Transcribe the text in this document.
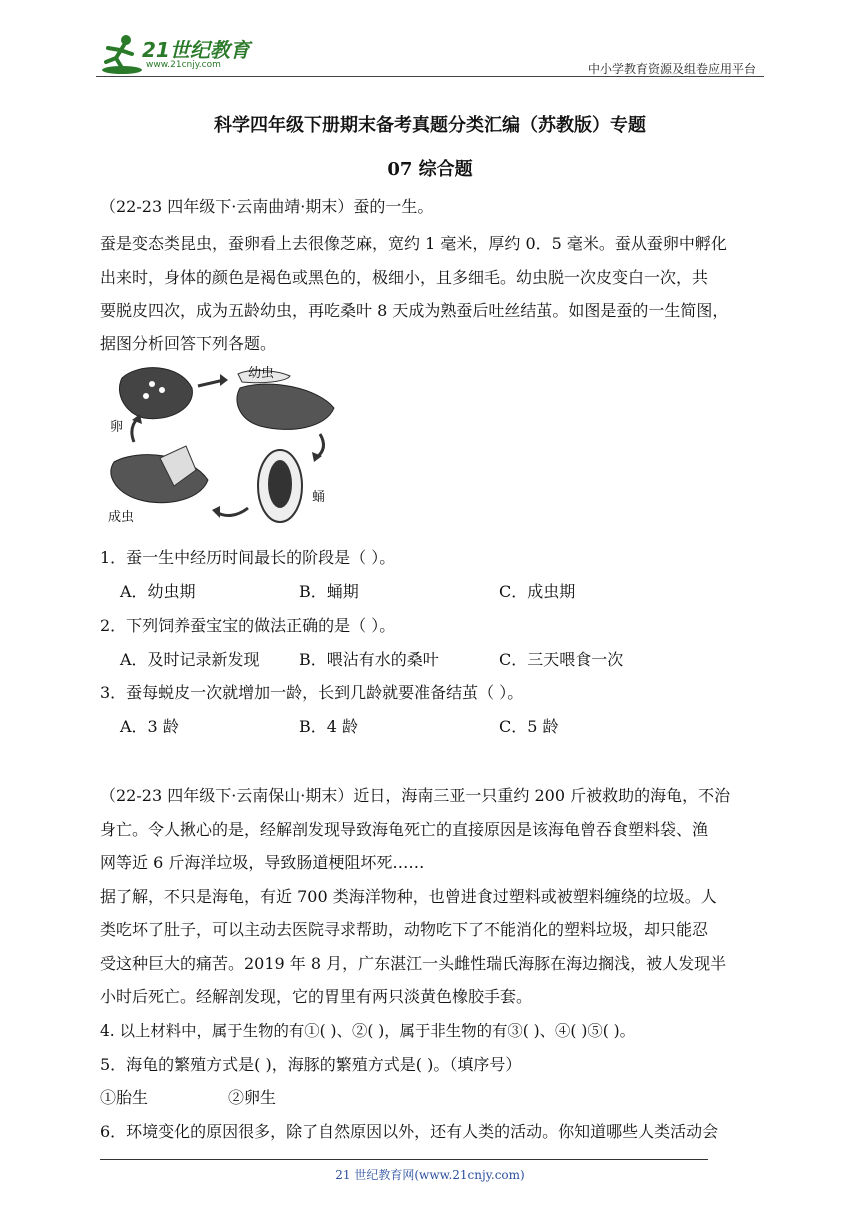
21世纪教育
www.21cnjy.com	中小学教育资源及组卷应用平台
科学四年级下册期末备考真题分类汇编（苏教版）专题
07 综合题
（22-23 四年级下·云南曲靖·期末）蚕的一生。
蚕是变态类昆虫，蚕卵看上去很像芝麻，宽约 1 毫米，厚约 0．5 毫米。蚕从蚕卵中孵化
出来时，身体的颜色是褐色或黑色的，极细小，且多细毛。幼虫脱一次皮变白一次，共
要脱皮四次，成为五龄幼虫，再吃桑叶 8 天成为熟蚕后吐丝结茧。如图是蚕的一生简图，
据图分析回答下列各题。
幼虫
卵
蛹
成虫
1．蚕一生中经历时间最长的阶段是（ ）。
A．幼虫期	B．蛹期	C．成虫期
2．下列饲养蚕宝宝的做法正确的是（ ）。
A．及时记录新发现 B．喂沾有水的桑叶	C．三天喂食一次
3．蚕每蜕皮一次就增加一龄，长到几龄就要准备结茧（ ）。
A．3 龄	B．4 龄	C．5 龄
（22-23 四年级下·云南保山·期末）近日，海南三亚一只重约 200 斤被救助的海龟，不治
身亡。令人揪心的是，经解剖发现导致海龟死亡的直接原因是该海龟曾吞食塑料袋、渔
网等近 6 斤海洋垃圾，导致肠道梗阻坏死……
据了解，不只是海龟，有近 700 类海洋物种，也曾进食过塑料或被塑料缠绕的垃圾。人
类吃坏了肚子，可以主动去医院寻求帮助，动物吃下了不能消化的塑料垃圾，却只能忍
受这种巨大的痛苦。2019 年 8 月，广东湛江一头雌性瑞氏海豚在海边搁浅，被人发现半
小时后死亡。经解剖发现，它的胃里有两只淡黄色橡胶手套。
4. 以上材料中，属于生物的有①( )、②( )，属于非生物的有③( )、④( )⑤( )。
5．海龟的繁殖方式是( )，海豚的繁殖方式是( )。（填序号）
①胎生	②卵生
6．环境变化的原因很多，除了自然原因以外，还有人类的活动。你知道哪些人类活动会
21 世纪教育网(www.21cnjy.com)
